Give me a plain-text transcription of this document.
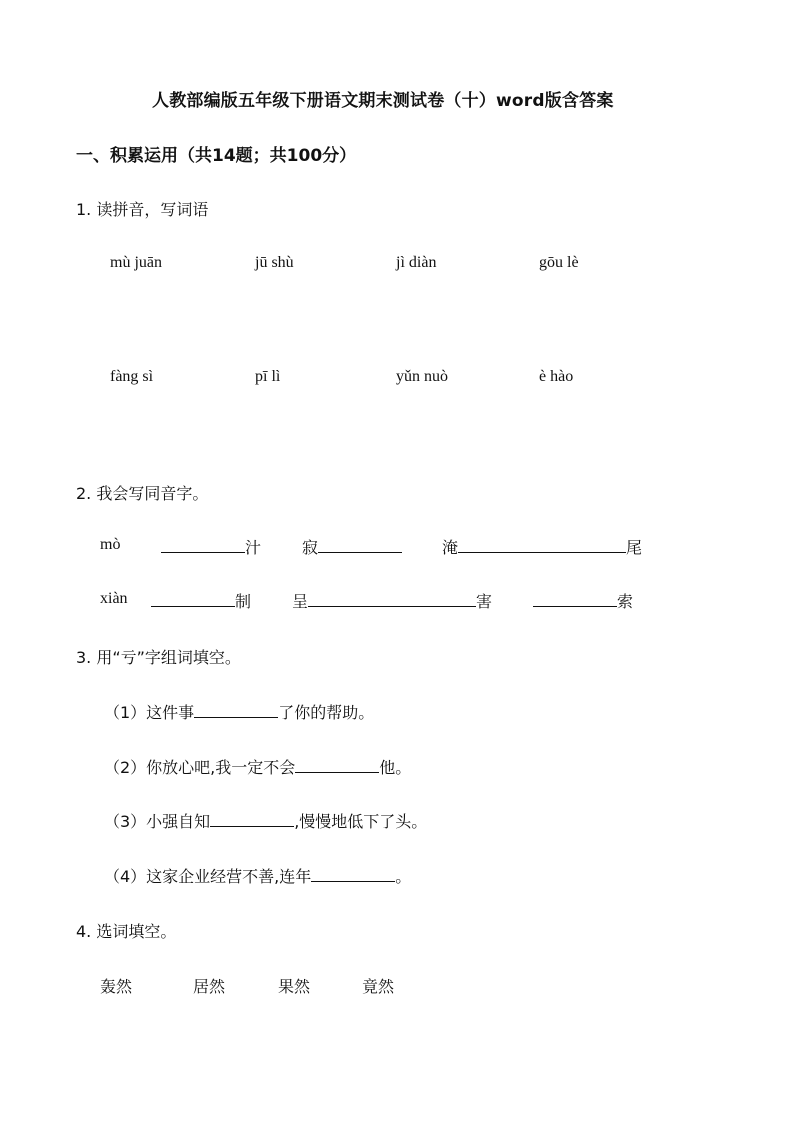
人教部编版五年级下册语文期末测试卷（十）word版含答案
一、积累运用（共14题；共100分）
1. 读拼音，写词语
mù juān	jū shù	jì diàn	gōu lè
fàng sì	pī lì	yǔn nuò	è hào
2. 我会写同音字。
mò	汁	寂	淹	尾
xiàn	制	呈	害	索
3. 用“亏”字组词填空。
（1）这件事	了你的帮助。
（2）你放心吧,我一定不会	他。
（3）小强自知	,慢慢地低下了头。
（4）这家企业经营不善,连年	。
4. 选词填空。
轰然	居然	果然	竟然
